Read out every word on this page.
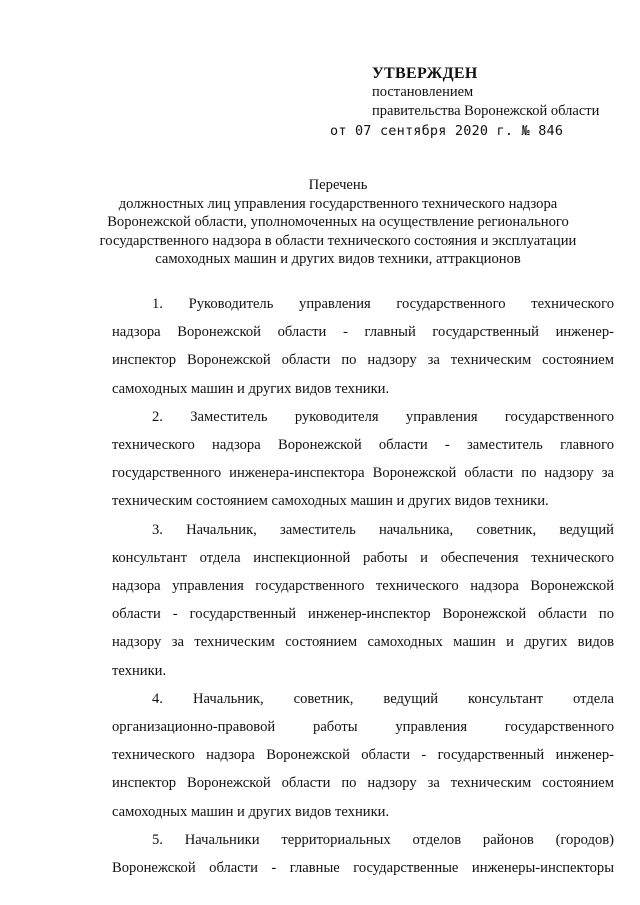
УТВЕРЖДЕН
постановлением
правительства Воронежской области
от 07 сентября 2020 г. № 846
Перечень
должностных лиц управления государственного технического надзора
Воронежской области, уполномоченных на осуществление регионального
государственного надзора в области технического состояния и эксплуатации
самоходных машин и других видов техники, аттракционов
1. Руководитель управления государственного технического
надзора Воронежской области - главный государственный инженер-
инспектор Воронежской области по надзору за техническим состоянием
самоходных машин и других видов техники.
2. Заместитель руководителя управления государственного
технического надзора Воронежской области - заместитель главного
государственного инженера-инспектора Воронежской области по надзору за
техническим состоянием самоходных машин и других видов техники.
3. Начальник, заместитель начальника, советник, ведущий
консультант отдела инспекционной работы и обеспечения технического
надзора управления государственного технического надзора Воронежской
области - государственный инженер-инспектор Воронежской области по
надзору за техническим состоянием самоходных машин и других видов
техники.
4. Начальник, советник, ведущий консультант отдела
организационно-правовой работы управления государственного
технического надзора Воронежской области - государственный инженер-
инспектор Воронежской области по надзору за техническим состоянием
самоходных машин и других видов техники.
5. Начальники территориальных отделов районов (городов)
Воронежской области - главные государственные инженеры-инспекторы
